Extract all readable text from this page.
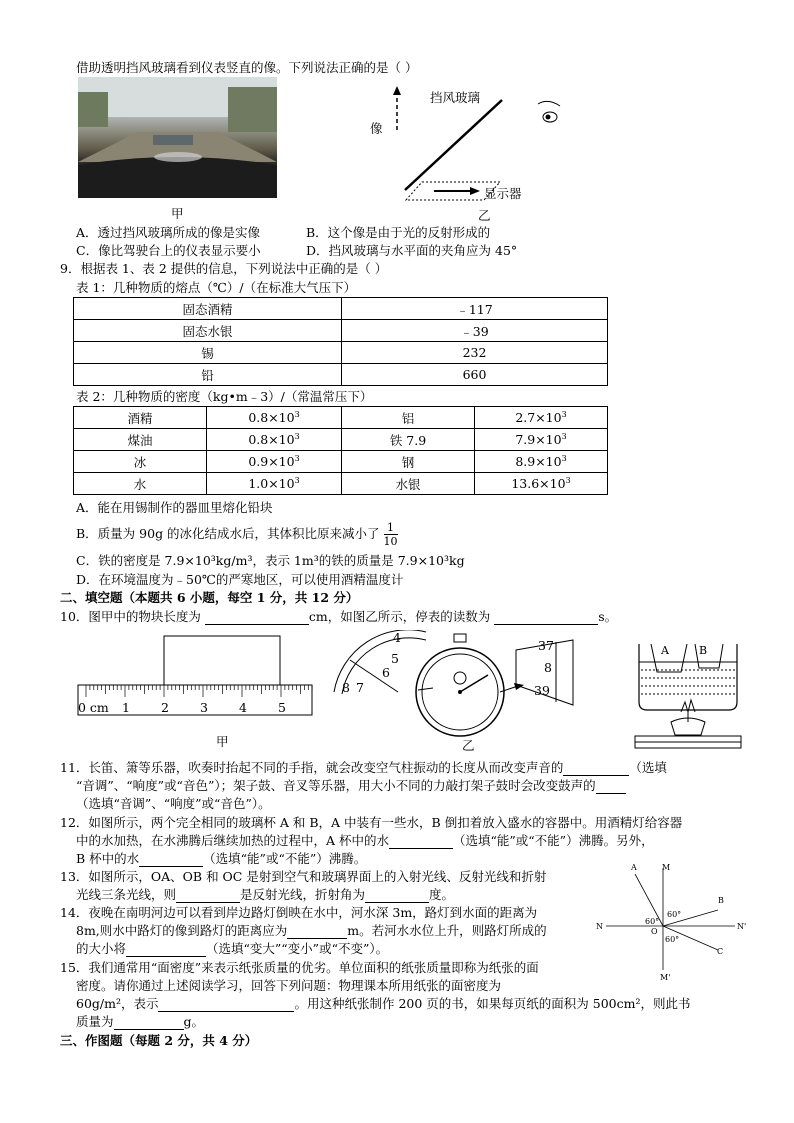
借助透明挡风玻璃看到仪表竖直的像。下列说法正确的是（ ）
甲
挡风玻璃
像
显示器
乙
A．透过挡风玻璃所成的像是实像	B．这个像是由于光的反射形成的
C．像比驾驶台上的仪表显示要小	D．挡风玻璃与水平面的夹角应为 45°
9．根据表 1、表 2 提供的信息，下列说法中正确的是（ ）
表 1：几种物质的熔点（℃）/（在标准大气压下）
固态酒精	﹣117
固态水银	﹣39
锡	232
铅	660
表 2：几种物质的密度（kg•m﹣3）/（常温常压下）
酒精	$0.8\times 10^3$	铝	$2.7\times 10^3$
煤油	$0.8\times 10^3$	铁 7.9	$7.9\times 10^3$
冰	$0.9\times 10^3$	钢	$8.9\times 10^3$
水	$1.0\times 10^3$	水银	$13.6\times 10^3$
A．能在用锡制作的器皿里熔化铅块
B．质量为 90g 的冰化结成水后，其体积比原来减小了 $\frac{1}{10}$
C．铁的密度是 7.9×10³kg/m³，表示 1m³的铁的质量是 7.9×10³kg
D．在环境温度为﹣50℃的严寒地区，可以使用酒精温度计
二、填空题（本题共 6 小题，每空 1 分，共 12 分）
10．图甲中的物块长度为	cm，如图乙所示，停表的读数为	s。
0 cm 1 2 3 4 5
甲
4
5
6
7
8
37
8
39
乙
A	B
11．长笛、箫等乐器，吹奏时抬起不同的手指，就会改变空气柱振动的长度从而改变声音的	（选填
“音调”、“响度”或“音色”）；架子鼓、音叉等乐器，用大小不同的力敲打架子鼓时会改变鼓声的
（选填“音调”、“响度”或“音色”）。
12．如图所示，两个完全相同的玻璃杯 A 和 B，A 中装有一些水，B 倒扣着放入盛水的容器中。用酒精灯给容器
中的水加热，在水沸腾后继续加热的过程中，A 杯中的水	（选填“能”或“不能”）沸腾。另外，
B 杯中的水	（选填“能”或“不能”）沸腾。
13．如图所示，OA、OB 和 OC 是射到空气和玻璃界面上的入射光线、反射光线和折射
光线三条光线，则	是反射光线，折射角为	度。
A	M
B
N
O
N'
C
M'
60°
60°
60°
14．夜晚在南明河边可以看到岸边路灯倒映在水中，河水深 3m，路灯到水面的距离为
8m,则水中路灯的像到路灯的距离应为	m。若河水水位上升，则路灯所成的
的大小将	（选填“变大”“变小”或“不变”）。
15．我们通常用“面密度”来表示纸张质量的优劣。单位面积的纸张质量即称为纸张的面
密度。请你通过上述阅读学习，回答下列问题：物理课本所用纸张的面密度为
60g/m²，表示	。用这种纸张制作 200 页的书，如果每页纸的面积为 500cm²，则此书
质量为	g。
三、作图题（每题 2 分，共 4 分）
